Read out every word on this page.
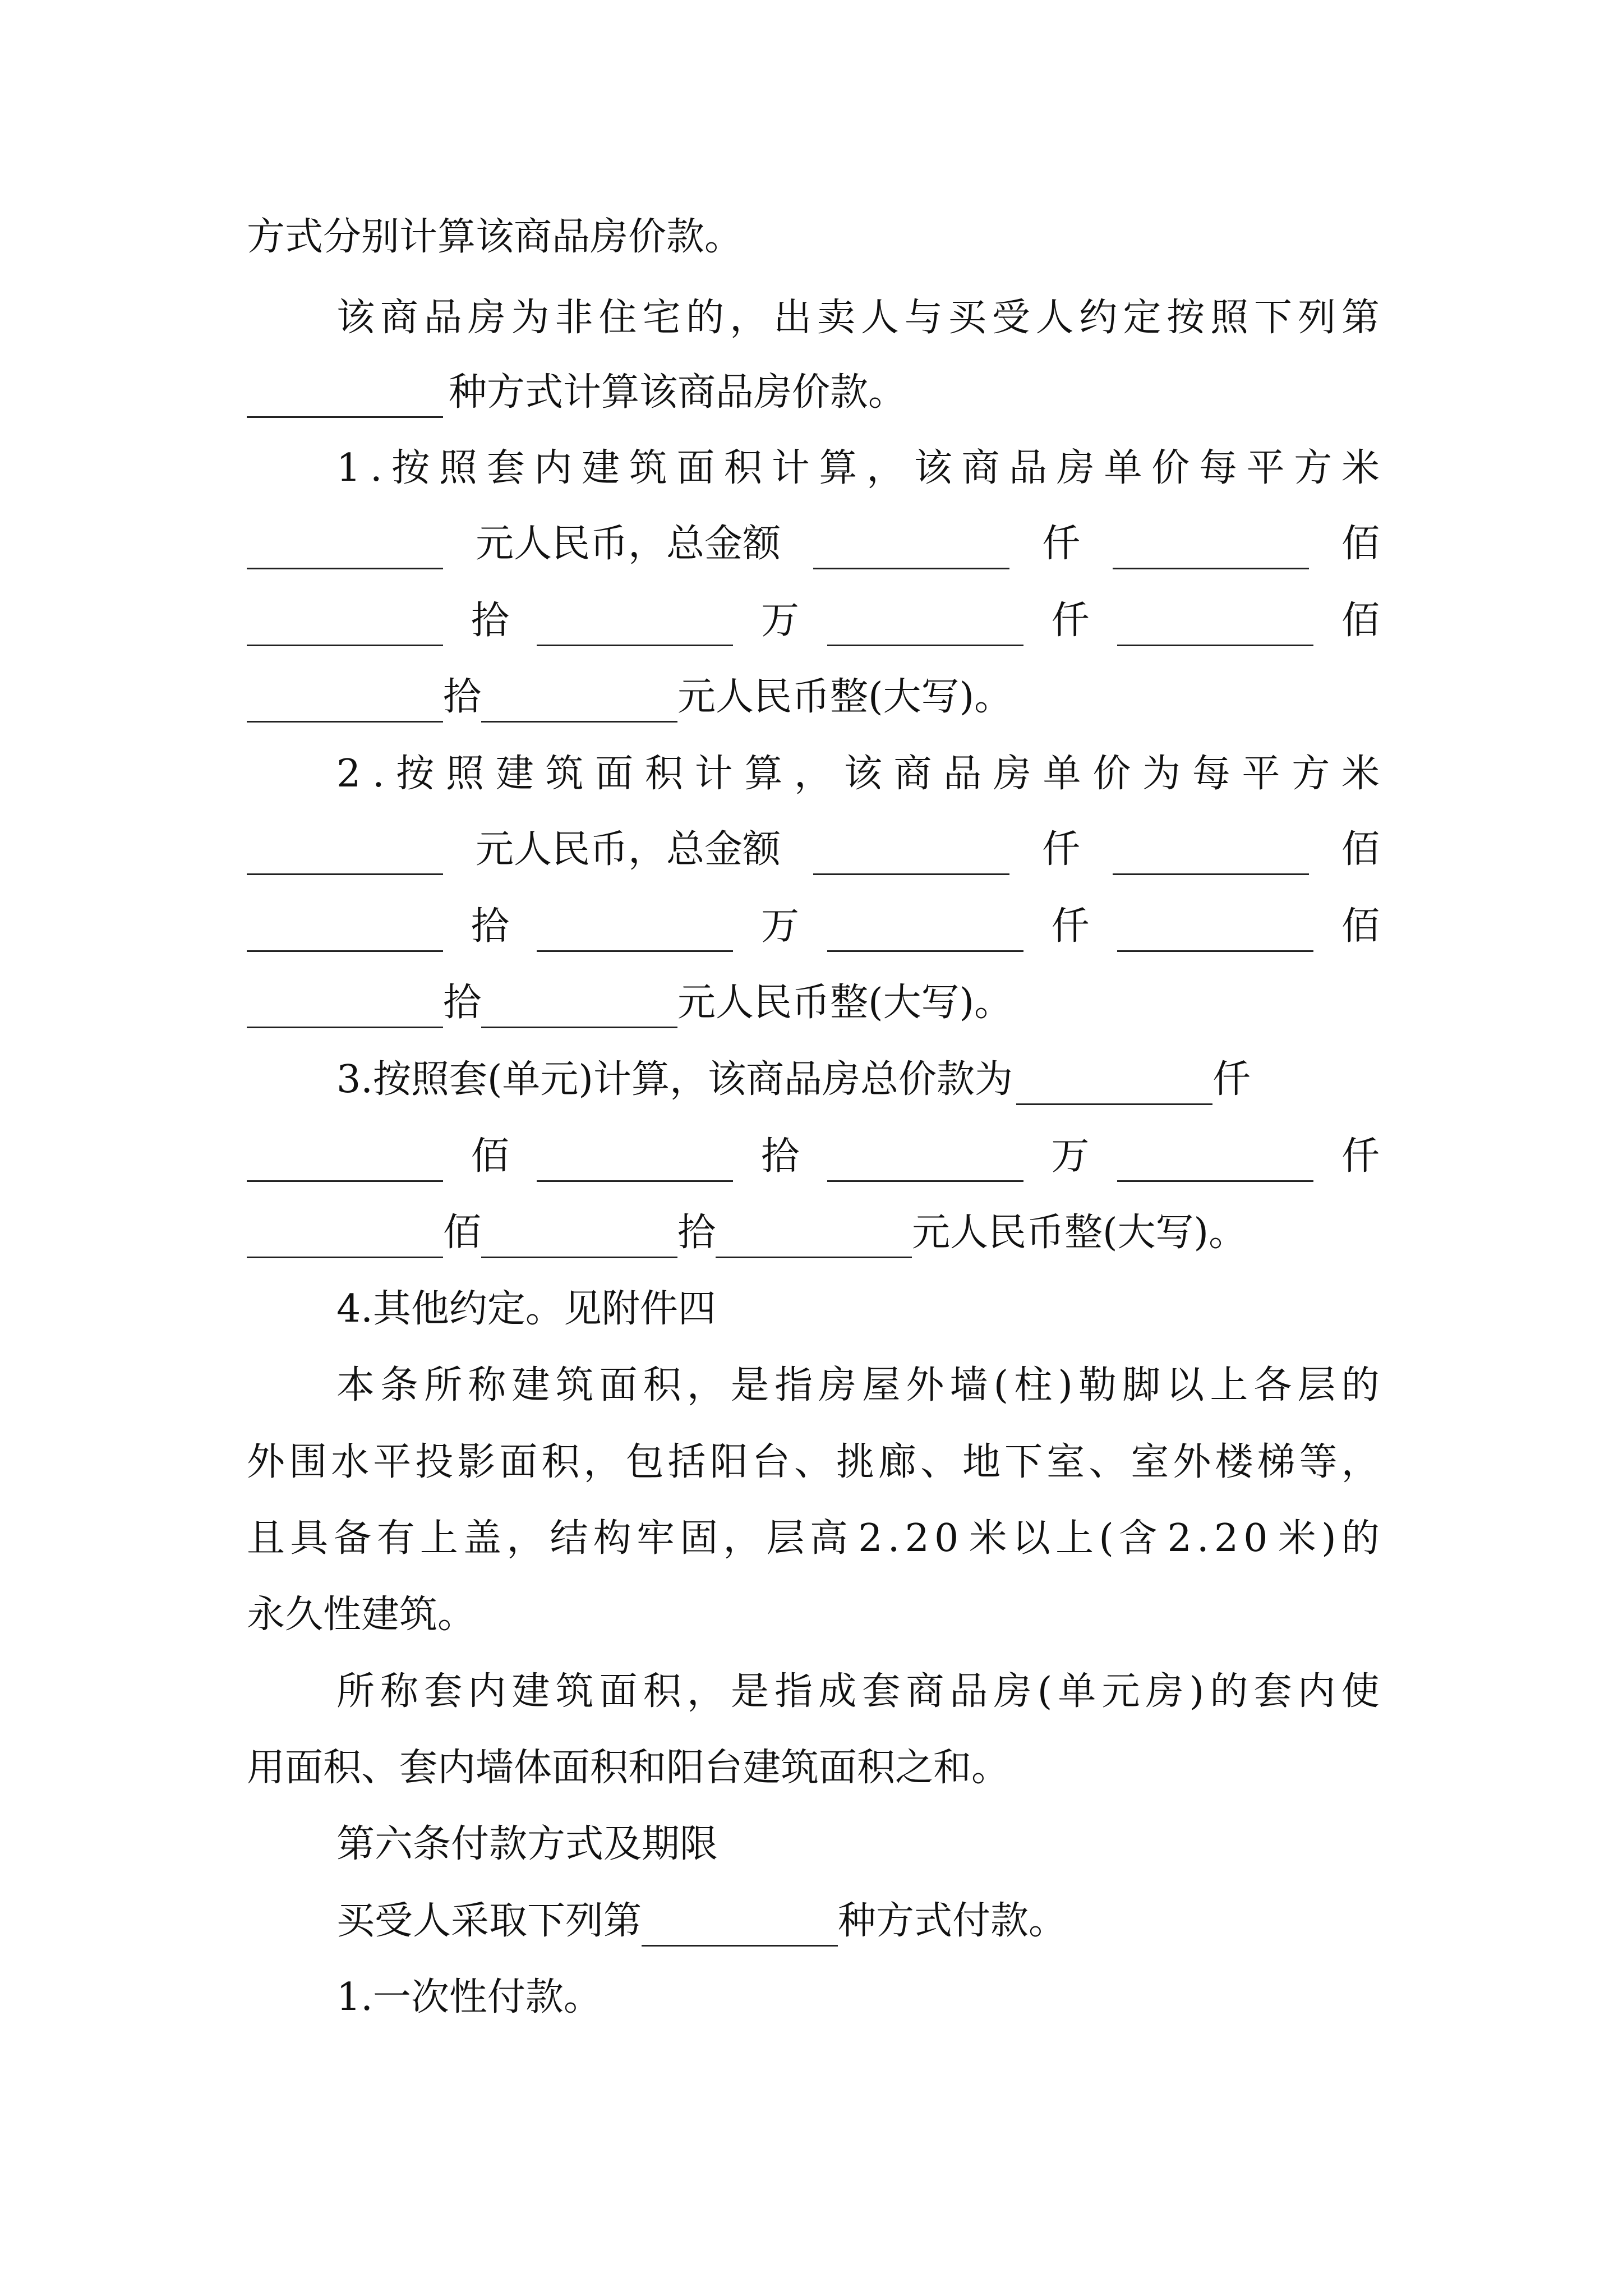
方式分别计算该商品房价款。
该 商 品 房 为 非 住 宅 的 ， 出 卖 人 与 买 受 人 约 定 按 照 下 列 第
种方式计算该商品房价款。
1 . 按 照 套 内 建 筑 面 积 计 算 ， 该 商 品 房 单 价 每 平 方 米
元人民币，总金额	仟	佰
拾	万	仟	佰
拾	元人民币整(大写)。
2 . 按 照 建 筑 面 积 计 算 ， 该 商 品 房 单 价 为 每 平 方 米
元人民币，总金额	仟	佰
拾	万	仟	佰
拾	元人民币整(大写)。
3.按照套(单元)计算，该商品房总价款为	仟
佰	拾	万	仟
佰	拾	元人民币整(大写)。
4.其他约定。见附件四
本 条 所 称 建 筑 面 积 ， 是 指 房 屋 外 墙 ( 柱 ) 勒 脚 以 上 各 层 的
外 围 水 平 投 影 面 积 ， 包 括 阳 台 、 挑 廊 、 地 下 室 、 室 外 楼 梯 等 ，
且 具 备 有 上 盖 ， 结 构 牢 固 ， 层 高 2 . 2 0 米 以 上 ( 含 2 . 2 0 米 ) 的
永久性建筑。
所 称 套 内 建 筑 面 积 ， 是 指 成 套 商 品 房 ( 单 元 房 ) 的 套 内 使
用面积、套内墙体面积和阳台建筑面积之和。
第六条付款方式及期限
买受人采取下列第	种方式付款。
1.一次性付款。
